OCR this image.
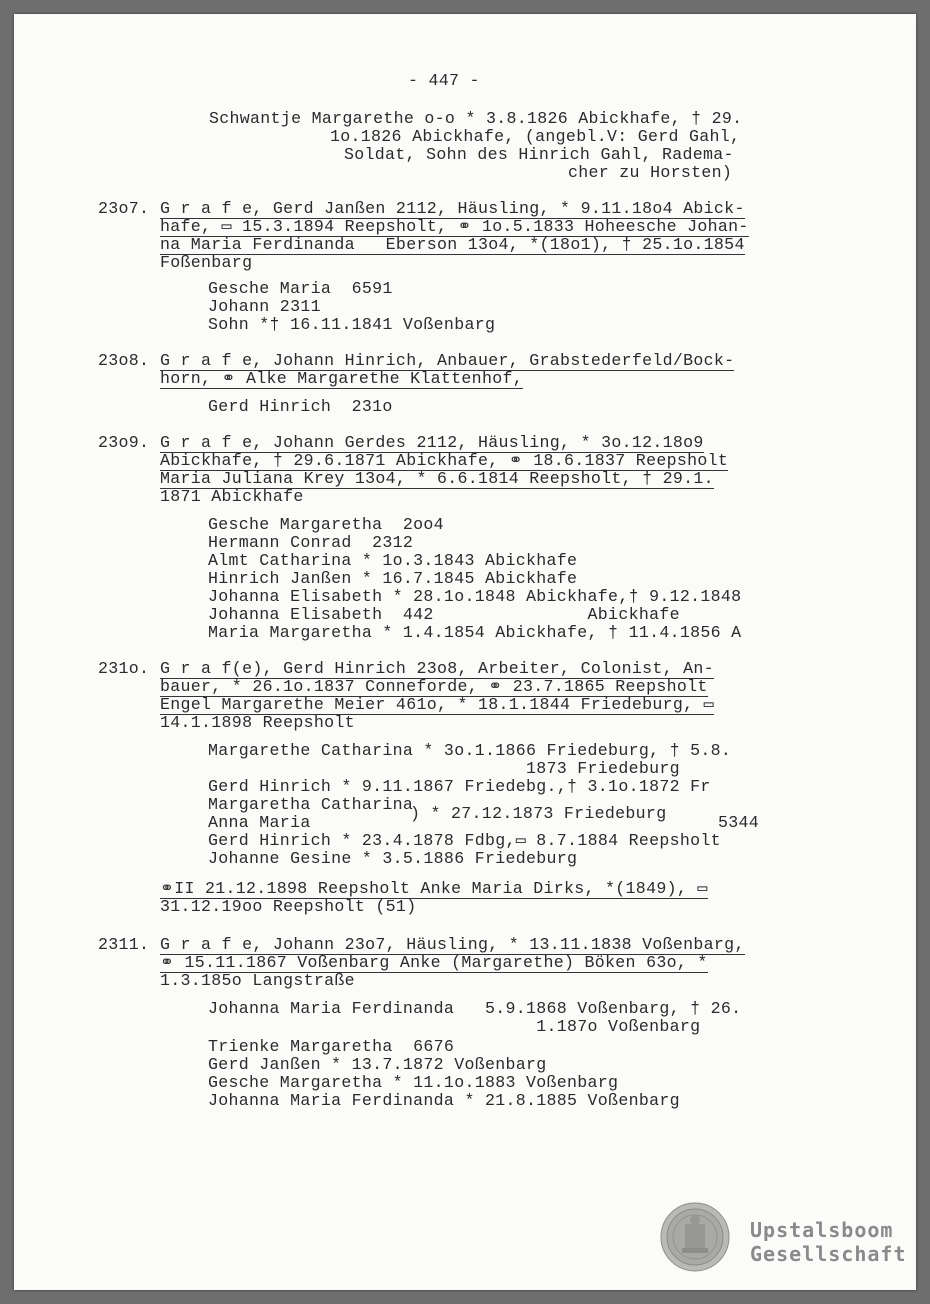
- 447 -
Schwantje Margarethe o-o * 3.8.1826 Abickhafe, † 29.
1o.1826 Abickhafe, (angebl.V: Gerd Gahl,
Soldat, Sohn des Hinrich Gahl, Radema-
cher zu Horsten)
23o7. G r a f e, Gerd Janßen 2112, Häusling, * 9.11.18o4 Abick-
hafe, ▭ 15.3.1894 Reepsholt, ⚭ 1o.5.1833 Hoheesche Johan-
na Maria Ferdinanda   Eberson 13o4, *(18o1), † 25.1o.1854
Foßenbarg
Gesche Maria  6591
Johann 2311
Sohn *† 16.11.1841 Voßenbarg
23o8. G r a f e, Johann Hinrich, Anbauer, Grabstederfeld/Bock-
horn, ⚭ Alke Margarethe Klattenhof,
Gerd Hinrich  231o
23o9. G r a f e, Johann Gerdes 2112, Häusling, * 3o.12.18o9
Abickhafe, † 29.6.1871 Abickhafe, ⚭ 18.6.1837 Reepsholt
Maria Juliana Krey 13o4, * 6.6.1814 Reepsholt, † 29.1.
1871 Abickhafe
Gesche Margaretha  2oo4
Hermann Conrad  2312
Almt Catharina * 1o.3.1843 Abickhafe
Hinrich Janßen * 16.7.1845 Abickhafe
Johanna Elisabeth * 28.1o.1848 Abickhafe,† 9.12.1848
Johanna Elisabeth  442               Abickhafe
Maria Margaretha * 1.4.1854 Abickhafe, † 11.4.1856 A
231o. G r a f(e), Gerd Hinrich 23o8, Arbeiter, Colonist, An-
bauer, * 26.1o.1837 Conneforde, ⚭ 23.7.1865 Reepsholt
Engel Margarethe Meier 461o, * 18.1.1844 Friedeburg, ▭
14.1.1898 Reepsholt
Margarethe Catharina * 3o.1.1866 Friedeburg, † 5.8.
1873 Friedeburg
Gerd Hinrich * 9.11.1867 Friedebg.,† 3.1o.1872 Fr
Margaretha Catharina
Anna Maria	) * 27.12.1873 Friedeburg	5344
Gerd Hinrich * 23.4.1878 Fdbg,▭ 8.7.1884 Reepsholt
Johanne Gesine * 3.5.1886 Friedeburg
⚭II 21.12.1898 Reepsholt Anke Maria Dirks, *(1849), ▭
31.12.19oo Reepsholt (51)
2311. G r a f e, Johann 23o7, Häusling, * 13.11.1838 Voßenbarg,
⚭ 15.11.1867 Voßenbarg Anke (Margarethe) Böken 63o, *
1.3.185o Langstraße
Johanna Maria Ferdinanda   5.9.1868 Voßenbarg, † 26.
1.187o Voßenbarg
Trienke Margaretha  6676
Gerd Janßen * 13.7.1872 Voßenbarg
Gesche Margaretha * 11.1o.1883 Voßenbarg
Johanna Maria Ferdinanda * 21.8.1885 Voßenbarg
Upstalsboom
Gesellschaft
